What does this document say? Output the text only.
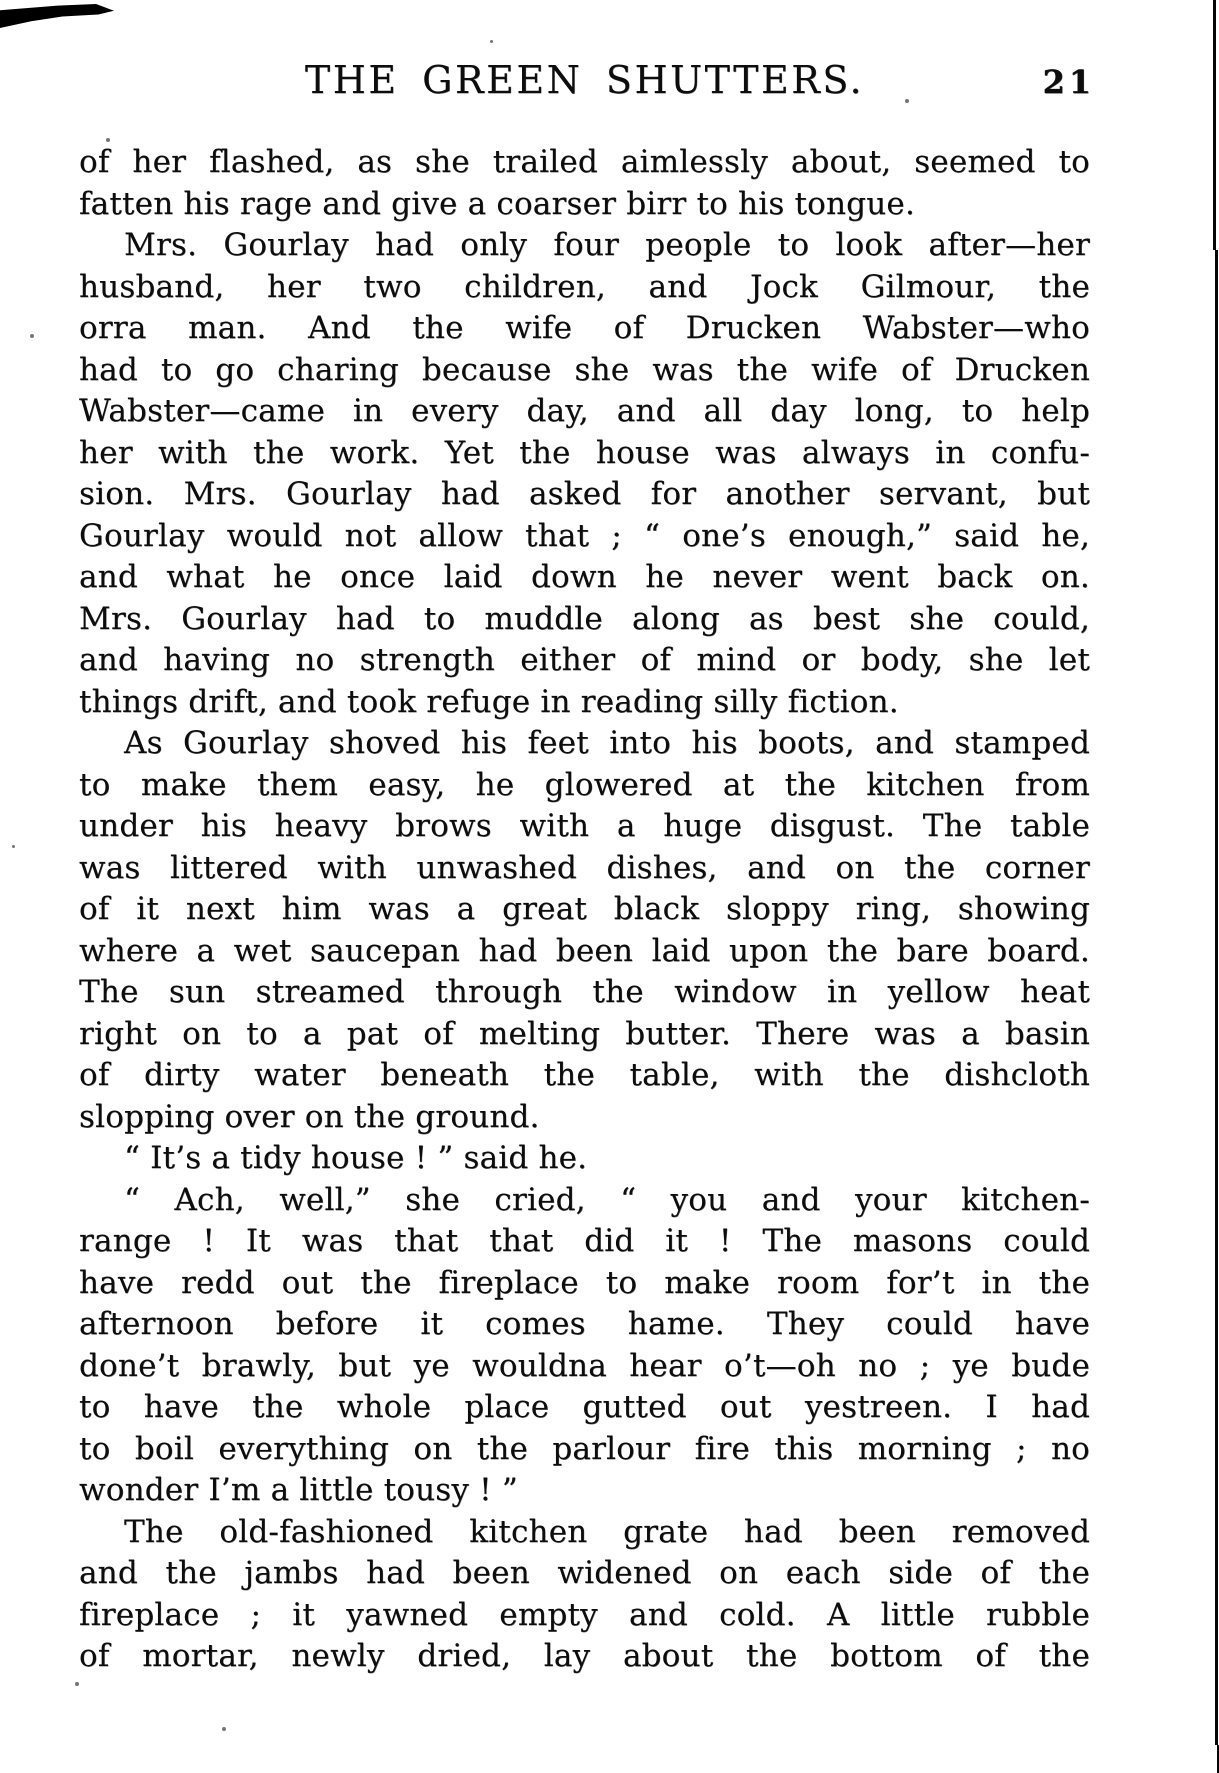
THE GREEN SHUTTERS.	21

of her flashed, as she trailed aimlessly about, seemed to
fatten his rage and give a coarser birr to his tongue.

Mrs. Gourlay had only four people to look after—her
husband, her two children, and Jock Gilmour, the
orra man. And the wife of Drucken Wabster—who
had to go charing because she was the wife of Drucken
Wabster—came in every day, and all day long, to help
her with the work. Yet the house was always in confu-
sion. Mrs. Gourlay had asked for another servant, but
Gourlay would not allow that ; “ one’s enough,” said he,
and what he once laid down he never went back on.
Mrs. Gourlay had to muddle along as best she could,
and having no strength either of mind or body, she let
things drift, and took refuge in reading silly fiction.

As Gourlay shoved his feet into his boots, and stamped
to make them easy, he glowered at the kitchen from
under his heavy brows with a huge disgust. The table
was littered with unwashed dishes, and on the corner
of it next him was a great black sloppy ring, showing
where a wet saucepan had been laid upon the bare board.
The sun streamed through the window in yellow heat
right on to a pat of melting butter. There was a basin
of dirty water beneath the table, with the dishcloth
slopping over on the ground.

“ It’s a tidy house ! ” said he.

“ Ach, well,” she cried, “ you and your kitchen-
range ! It was that that did it ! The masons could
have redd out the fireplace to make room for’t in the
afternoon before it comes hame. They could have
done’t brawly, but ye wouldna hear o’t—oh no ; ye bude
to have the whole place gutted out yestreen. I had
to boil everything on the parlour fire this morning ; no
wonder I’m a little tousy ! ”

The old-fashioned kitchen grate had been removed
and the jambs had been widened on each side of the
fireplace ; it yawned empty and cold. A little rubble
of mortar, newly dried, lay about the bottom of the
